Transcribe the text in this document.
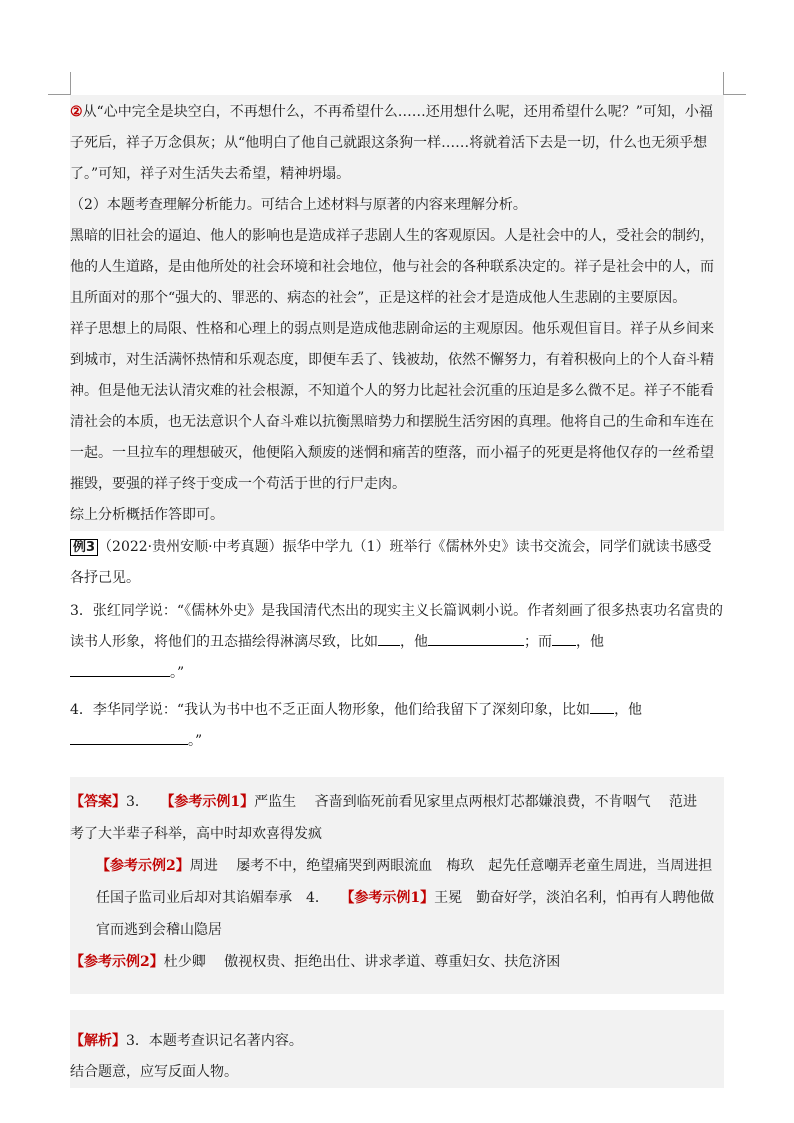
②从“心中完全是块空白，不再想什么，不再希望什么……还用想什么呢，还用希望什么呢？”可知，小福子死后，祥子万念俱灰；从“他明白了他自己就跟这条狗一样……将就着活下去是一切，什么也无须乎想了。”可知，祥子对生活失去希望，精神坍塌。

（2）本题考查理解分析能力。可结合上述材料与原著的内容来理解分析。

黑暗的旧社会的逼迫、他人的影响也是造成祥子悲剧人生的客观原因。人是社会中的人，受社会的制约，他的人生道路，是由他所处的社会环境和社会地位，他与社会的各种联系决定的。祥子是社会中的人，而且所面对的那个“强大的、罪恶的、病态的社会”，正是这样的社会才是造成他人生悲剧的主要原因。

祥子思想上的局限、性格和心理上的弱点则是造成他悲剧命运的主观原因。他乐观但盲目。祥子从乡间来到城市，对生活满怀热情和乐观态度，即便车丢了、钱被劫，依然不懈努力，有着积极向上的个人奋斗精神。但是他无法认清灾难的社会根源，不知道个人的努力比起社会沉重的压迫是多么微不足。祥子不能看清社会的本质，也无法意识个人奋斗难以抗衡黑暗势力和摆脱生活穷困的真理。他将自己的生命和车连在一起。一旦拉车的理想破灭，他便陷入颓废的迷惘和痛苦的堕落，而小福子的死更是将他仅存的一丝希望摧毁，要强的祥子终于变成一个苟活于世的行尸走肉。

综上分析概括作答即可。

例3 （2022·贵州安顺·中考真题）振华中学九（1）班举行《儒林外史》读书交流会，同学们就读书感受各抒己见。

3．张红同学说：“《儒林外史》是我国清代杰出的现实主义长篇讽刺小说。作者刻画了很多热衷功名富贵的读书人形象，将他们的丑态描绘得淋漓尽致，比如 ，他	；而 ，他
。”

4．李华同学说：“我认为书中也不乏正面人物形象，他们给我留下了深刻印象，比如 ，他
。”

【答案】3．　 【参考示例1】严监生　 吝啬到临死前看见家里点两根灯芯都嫌浪费，不肯咽气　 范进　考了大半辈子科举，高中时却欢喜得发疯

【参考示例2】周进　 屡考不中，绝望痛哭到两眼流血　梅玖　起先任意嘲弄老童生周进，当周进担任国子监司业后却对其谄媚奉承　4．　 【参考示例1】王冕　勤奋好学，淡泊名利，怕再有人聘他做官而逃到会稽山隐居

【参考示例2】杜少卿　 傲视权贵、拒绝出仕、讲求孝道、尊重妇女、扶危济困

【解析】3．本题考查识记名著内容。

结合题意，应写反面人物。
